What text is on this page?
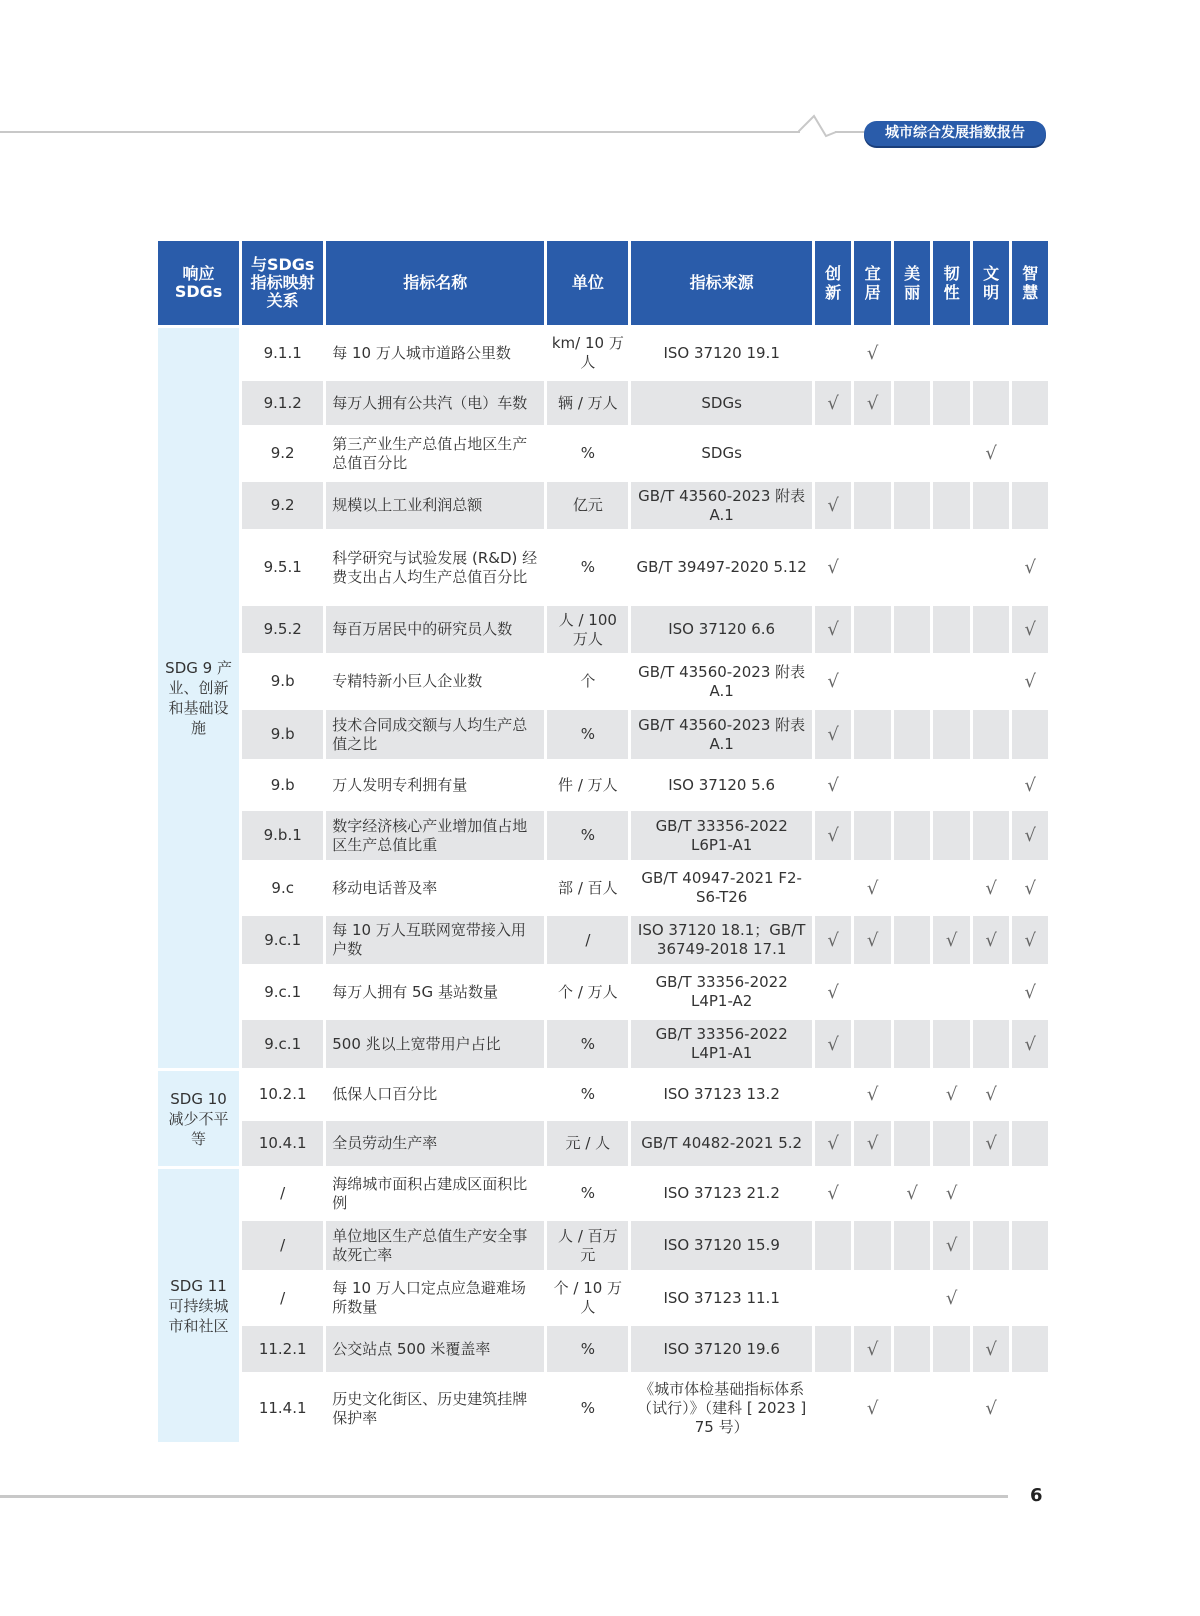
城市综合发展指数报告
响应SDGs	与SDGs指标映射关系	指标名称	单位	指标来源	创新	宜居	美丽	韧性	文明	智慧
SDG 9 产业、创新和基础设施	9.1.1	每 10 万人城市道路公里数	km/ 10 万人	ISO 37120 19.1		√				
	9.1.2	每万人拥有公共汽（电）车数	辆 / 万人	SDGs	√	√				
	9.2	第三产业生产总值占地区生产总值百分比	%	SDGs					√	
	9.2	规模以上工业利润总额	亿元	GB/T 43560-2023 附表 A.1	√					
	9.5.1	科学研究与试验发展 (R&D) 经费支出占人均生产总值百分比	%	GB/T 39497-2020 5.12	√					√
	9.5.2	每百万居民中的研究员人数	人 / 100 万人	ISO 37120 6.6	√					√
	9.b	专精特新小巨人企业数	个	GB/T 43560-2023 附表 A.1	√					√
	9.b	技术合同成交额与人均生产总值之比	%	GB/T 43560-2023 附表 A.1	√					
	9.b	万人发明专利拥有量	件 / 万人	ISO 37120 5.6	√					√
	9.b.1	数字经济核心产业增加值占地区生产总值比重	%	GB/T 33356-2022 L6P1-A1	√					√
	9.c	移动电话普及率	部 / 百人	GB/T 40947-2021 F2-S6-T26		√			√	√
	9.c.1	每 10 万人互联网宽带接入用户数	/	ISO 37120 18.1；GB/T 36749-2018 17.1	√	√		√	√	√
	9.c.1	每万人拥有 5G 基站数量	个 / 万人	GB/T 33356-2022 L4P1-A2	√					√
	9.c.1	500 兆以上宽带用户占比	%	GB/T 33356-2022 L4P1-A1	√					√
SDG 10 减少不平等	10.2.1	低保人口百分比	%	ISO 37123 13.2		√		√	√	
	10.4.1	全员劳动生产率	元 / 人	GB/T 40482-2021 5.2	√	√			√	
SDG 11 可持续城市和社区	/	海绵城市面积占建成区面积比例	%	ISO 37123 21.2	√		√	√		
	/	单位地区生产总值生产安全事故死亡率	人 / 百万元	ISO 37120 15.9				√		
	/	每 10 万人口定点应急避难场所数量	个 / 10 万人	ISO 37123 11.1				√		
	11.2.1	公交站点 500 米覆盖率	%	ISO 37120 19.6		√			√	
	11.4.1	历史文化街区、历史建筑挂牌保护率	%	《城市体检基础指标体系（试行）》（建科 [ 2023 ] 75 号）		√			√	
6
